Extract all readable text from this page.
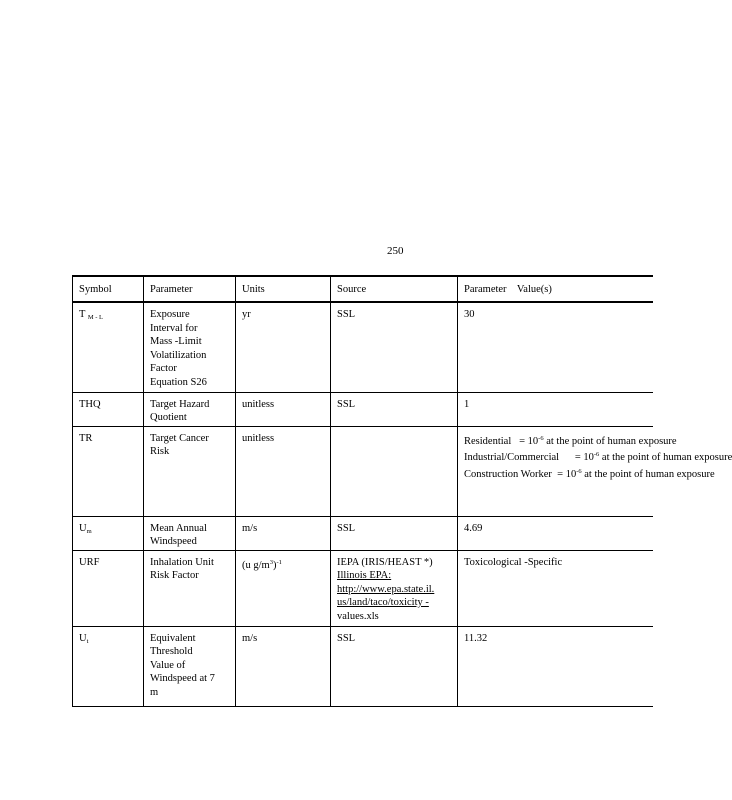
250
Symbol	Parameter	Units	Source	Parameter    Value(s)
T $_{M - L}$	Exposure Interval for Mass -Limit Volatilization Factor Equation S26	yr	SSL	30
THQ	Target Hazard Quotient	unitless	SSL	1
TR	Target Cancer Risk	unitless		Residential = $10^{-6}$ at the point of human exposure
Industrial/Commercial = $10^{-6}$ at the point of human exposure
Construction Worker = $10^{-6}$ at the point of human exposure

$U_m$	Mean Annual Windspeed	m/s	SSL	4.69
URF	Inhalation Unit Risk Factor	(u $g/m^3)^{-1}$	IEPA (IRIS/HEAST *)
Illinois EPA:
http://www.epa.state.il. us/land/taco/toxicity -
values.xls	Toxicological -Specific
$U_t$	Equivalent Threshold Value of Windspeed at 7 m	m/s	SSL	11.32
